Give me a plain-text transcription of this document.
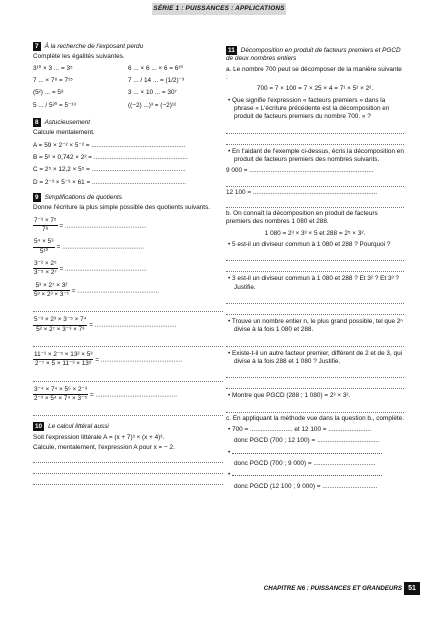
SÉRIE 1 : PUISSANCES : APPLICATIONS

7 À la recherche de l'exposant perdu

Complète les égalités suivantes.

3¹⁰ × 3 ... = 3⁵	6 ... × 6 ... × 6 = 6¹⁰
7 ... × 7⁸ = 7¹⁵	7 ... / 14 ... = (1/2)⁻³
(5²) ... = 5⁸	3 ... × 10 ... = 30⁷
5 ... / 5²⁰ = 5⁻¹³	((−2) ...)³ = (−2)¹²

8 Astucieusement

Calcule mentalement.

A = 59 × 2⁻² × 5⁻² = .....................................................

B = 5² × 0,742 × 2² = .....................................................

C = 2⁵ × 12,2 × 5⁵ = .....................................................

D = 2⁻³ × 5⁻³ × 61 = .....................................................

9 Simplifications de quotients

Donne l'écriture la plus simple possible des quotients suivants.

$\frac{\text{7⁻³ × 7⁵}}{\text{7⁸}}$ = ..............................................
$\frac{\text{5⁴ × 5⁹}}{\text{5¹⁰}}$ = ..............................................
$\frac{\text{3⁻² × 2⁵}}{\text{3⁻⁵ × 2⁷}}$ = ..............................................
$\frac{\text{5³ × 2⁷ × 3²}}{\text{5³ × 2³ × 3⁻¹}}$ = ..............................................
$\frac{\text{5⁻³ × 2³ × 3⁻⁵ × 7⁴}}{\text{5² × 2⁷ × 3⁻³ × 7³}}$ = ..............................................
$\frac{\text{11⁻¹ × 2⁻⁵ × 13² × 5³}}{\text{2⁻⁷ × 5 × 11⁻³ × 13⁶}}$ = ..............................................
$\frac{\text{3⁻⁴ × 7⁴ × 5⁶ × 2⁻³}}{\text{2⁻³ × 5⁴ × 7⁴ × 3⁻⁵}}$ = ..............................................

10 Le calcul littéral aussi

Soit l'expression littérale A = (x + 7)³ × (x + 4)³.

Calcule, mentalement, l'expression A pour x = − 2.

11 Décomposition en produit de facteurs premiers et PGCD de deux nombres entiers

a. Le nombre 700 peut se décomposer de la manière suivante :

700 = 7 × 100 = 7 × 25 × 4 = 7¹ × 5² × 2².

• Que signifie l'expression « facteurs premiers » dans la phrase « L'écriture précédente est la décomposition en produit de facteurs premiers du nombre 700. » ?

• En t'aidant de l'exemple ci-dessus, écris la décomposition en produit de facteurs premiers des nombres suivants.

9 000 = ......................................................................

12 100 = ......................................................................

b. On connaît la décomposition en produit de facteurs premiers des nombres 1 080 et 288.

1 080 = 2³ × 3³ × 5 et 288 = 2⁵ × 3².

• 5 est-il un diviseur commun à 1 080 et 288 ? Pourquoi ?

• 3 est-il un diviseur commun à 1 080 et 288 ? Et 3² ? Et 3³ ? Justifie.

• Trouve un nombre entier n, le plus grand possible, tel que 2ⁿ divise à la fois 1 080 et 288.

• Existe-t-il un autre facteur premier, différent de 2 et de 3, qui divise à la fois 288 et 1 080 ? Justifie.

• Montre que PGCD (288 ; 1 080) = 2³ × 3².

c. En appliquant la méthode vue dans la question b., complète.

• 700 = ........................ et 12 100 = ........................

donc PGCD (700 ; 12 100) = ...................................

•

donc PGCD (700 ; 9 000) = ...................................

•

donc PGCD (12 100 ; 9 000) = ...............................

CHAPITRE N6 : PUISSANCES ET GRANDEURS 51
